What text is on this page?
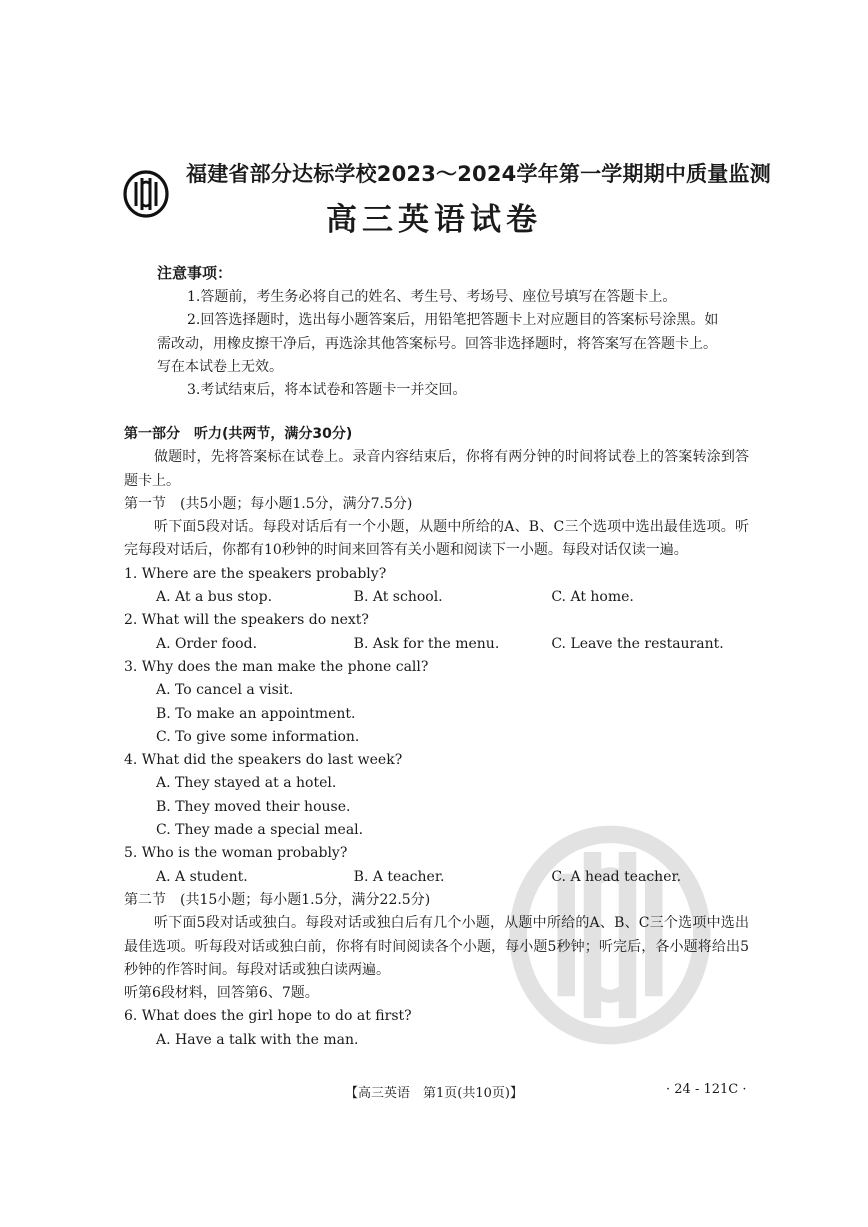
福建省部分达标学校2023～2024学年第一学期期中质量监测
高三英语试卷
注意事项：
1.答题前，考生务必将自己的姓名、考生号、考场号、座位号填写在答题卡上。
2.回答选择题时，选出每小题答案后，用铅笔把答题卡上对应题目的答案标号涂黑。如需改动，用橡皮擦干净后，再选涂其他答案标号。回答非选择题时，将答案写在答题卡上。写在本试卷上无效。
3.考试结束后，将本试卷和答题卡一并交回。
第一部分　听力(共两节，满分30分)
做题时，先将答案标在试卷上。录音内容结束后，你将有两分钟的时间将试卷上的答案转涂到答题卡上。
第一节　(共5小题；每小题1.5分，满分7.5分)
听下面5段对话。每段对话后有一个小题，从题中所给的A、B、C三个选项中选出最佳选项。听完每段对话后，你都有10秒钟的时间来回答有关小题和阅读下一小题。每段对话仅读一遍。
1. Where are the speakers probably?
A. At a bus stop.	B. At school.	C. At home.
2. What will the speakers do next?
A. Order food.	B. Ask for the menu.	C. Leave the restaurant.
3. Why does the man make the phone call?
A. To cancel a visit.
B. To make an appointment.
C. To give some information.
4. What did the speakers do last week?
A. They stayed at a hotel.
B. They moved their house.
C. They made a special meal.
5. Who is the woman probably?
A. A student.	B. A teacher.	C. A head teacher.
第二节　(共15小题；每小题1.5分，满分22.5分)
听下面5段对话或独白。每段对话或独白后有几个小题，从题中所给的A、B、C三个选项中选出最佳选项。听每段对话或独白前，你将有时间阅读各个小题，每小题5秒钟；听完后，各小题将给出5秒钟的作答时间。每段对话或独白读两遍。
听第6段材料，回答第6、7题。
6. What does the girl hope to do at first?
A. Have a talk with the man.
【高三英语　第1页(共10页)】	· 24 - 121C ·
